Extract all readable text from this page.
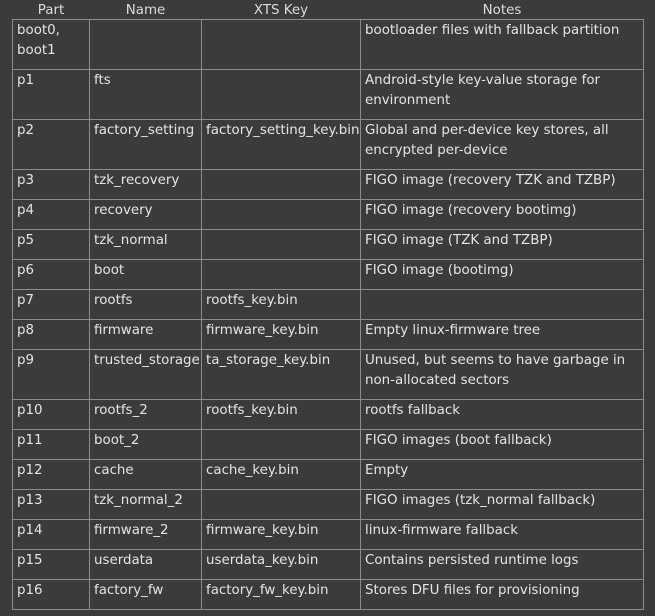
Part	Name	XTS Key	Notes
boot0, boot1			bootloader files with fallback partition
p1	fts		Android-style key-value storage for environment
p2	factory_setting	factory_setting_key.bin	Global and per-device key stores, all encrypted per-device
p3	tzk_recovery		FIGO image (recovery TZK and TZBP)
p4	recovery		FIGO image (recovery bootimg)
p5	tzk_normal		FIGO image (TZK and TZBP)
p6	boot		FIGO image (bootimg)
p7	rootfs	rootfs_key.bin	
p8	firmware	firmware_key.bin	Empty linux-firmware tree
p9	trusted_storage	ta_storage_key.bin	Unused, but seems to have garbage in non-allocated sectors
p10	rootfs_2	rootfs_key.bin	rootfs fallback
p11	boot_2		FIGO images (boot fallback)
p12	cache	cache_key.bin	Empty
p13	tzk_normal_2		FIGO images (tzk_normal fallback)
p14	firmware_2	firmware_key.bin	linux-firmware fallback
p15	userdata	userdata_key.bin	Contains persisted runtime logs
p16	factory_fw	factory_fw_key.bin	Stores DFU files for provisioning
